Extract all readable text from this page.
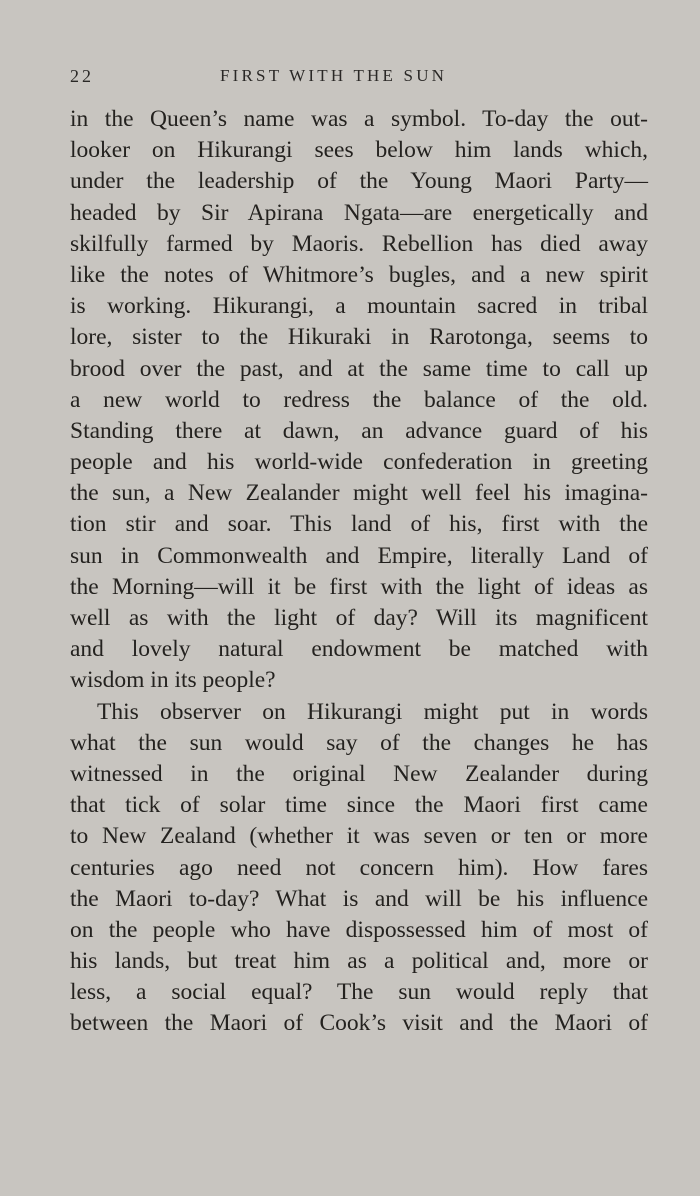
22	FIRST WITH THE SUN
in the Queen’s name was a symbol. To-day the out-
looker on Hikurangi sees below him lands which,
under the leadership of the Young Maori Party—
headed by Sir Apirana Ngata—are energetically and
skilfully farmed by Maoris. Rebellion has died away
like the notes of Whitmore’s bugles, and a new spirit
is working. Hikurangi, a mountain sacred in tribal
lore, sister to the Hikuraki in Rarotonga, seems to
brood over the past, and at the same time to call up
a new world to redress the balance of the old.
Standing there at dawn, an advance guard of his
people and his world-wide confederation in greeting
the sun, a New Zealander might well feel his imagina-
tion stir and soar. This land of his, first with the
sun in Commonwealth and Empire, literally Land of
the Morning—will it be first with the light of ideas as
well as with the light of day? Will its magnificent
and lovely natural endowment be matched with
wisdom in its people?
This observer on Hikurangi might put in words
what the sun would say of the changes he has
witnessed in the original New Zealander during
that tick of solar time since the Maori first came
to New Zealand (whether it was seven or ten or more
centuries ago need not concern him). How fares
the Maori to-day? What is and will be his influence
on the people who have dispossessed him of most of
his lands, but treat him as a political and, more or
less, a social equal? The sun would reply that
between the Maori of Cook’s visit and the Maori of
